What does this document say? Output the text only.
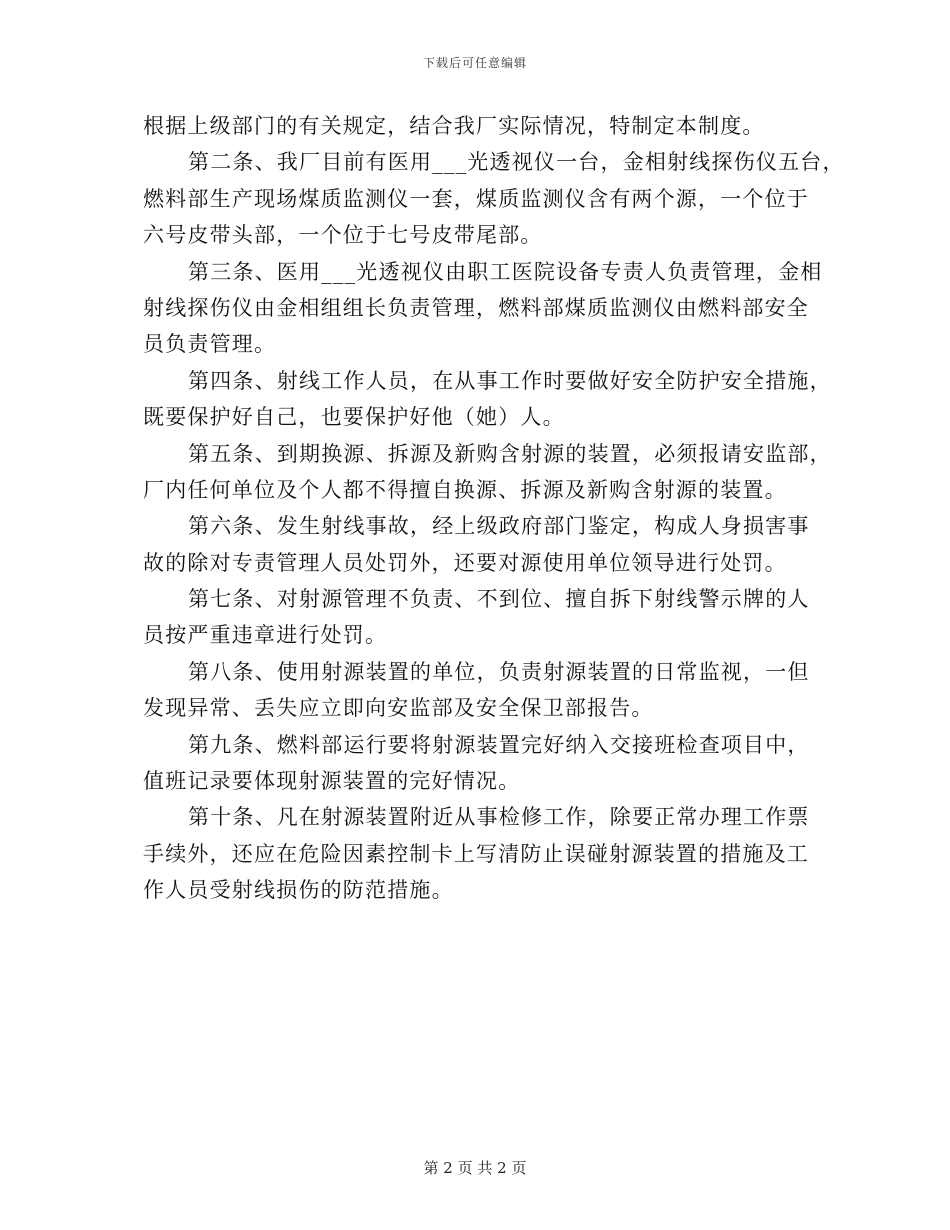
下载后可任意编辑
根据上级部门的有关规定，结合我厂实际情况，特制定本制度。
第二条、我厂目前有医用___光透视仪一台，金相射线探伤仪五台，
燃料部生产现场煤质监测仪一套，煤质监测仪含有两个源，一个位于
六号皮带头部，一个位于七号皮带尾部。
第三条、医用___光透视仪由职工医院设备专责人负责管理，金相
射线探伤仪由金相组组长负责管理，燃料部煤质监测仪由燃料部安全
员负责管理。
第四条、射线工作人员，在从事工作时要做好安全防护安全措施，
既要保护好自己，也要保护好他（她）人。
第五条、到期换源、拆源及新购含射源的装置，必须报请安监部，
厂内任何单位及个人都不得擅自换源、拆源及新购含射源的装置。
第六条、发生射线事故，经上级政府部门鉴定，构成人身损害事
故的除对专责管理人员处罚外，还要对源使用单位领导进行处罚。
第七条、对射源管理不负责、不到位、擅自拆下射线警示牌的人
员按严重违章进行处罚。
第八条、使用射源装置的单位，负责射源装置的日常监视，一但
发现异常、丢失应立即向安监部及安全保卫部报告。
第九条、燃料部运行要将射源装置完好纳入交接班检查项目中，
值班记录要体现射源装置的完好情况。
第十条、凡在射源装置附近从事检修工作，除要正常办理工作票
手续外，还应在危险因素控制卡上写清防止误碰射源装置的措施及工
作人员受射线损伤的防范措施。
第 2 页 共 2 页
